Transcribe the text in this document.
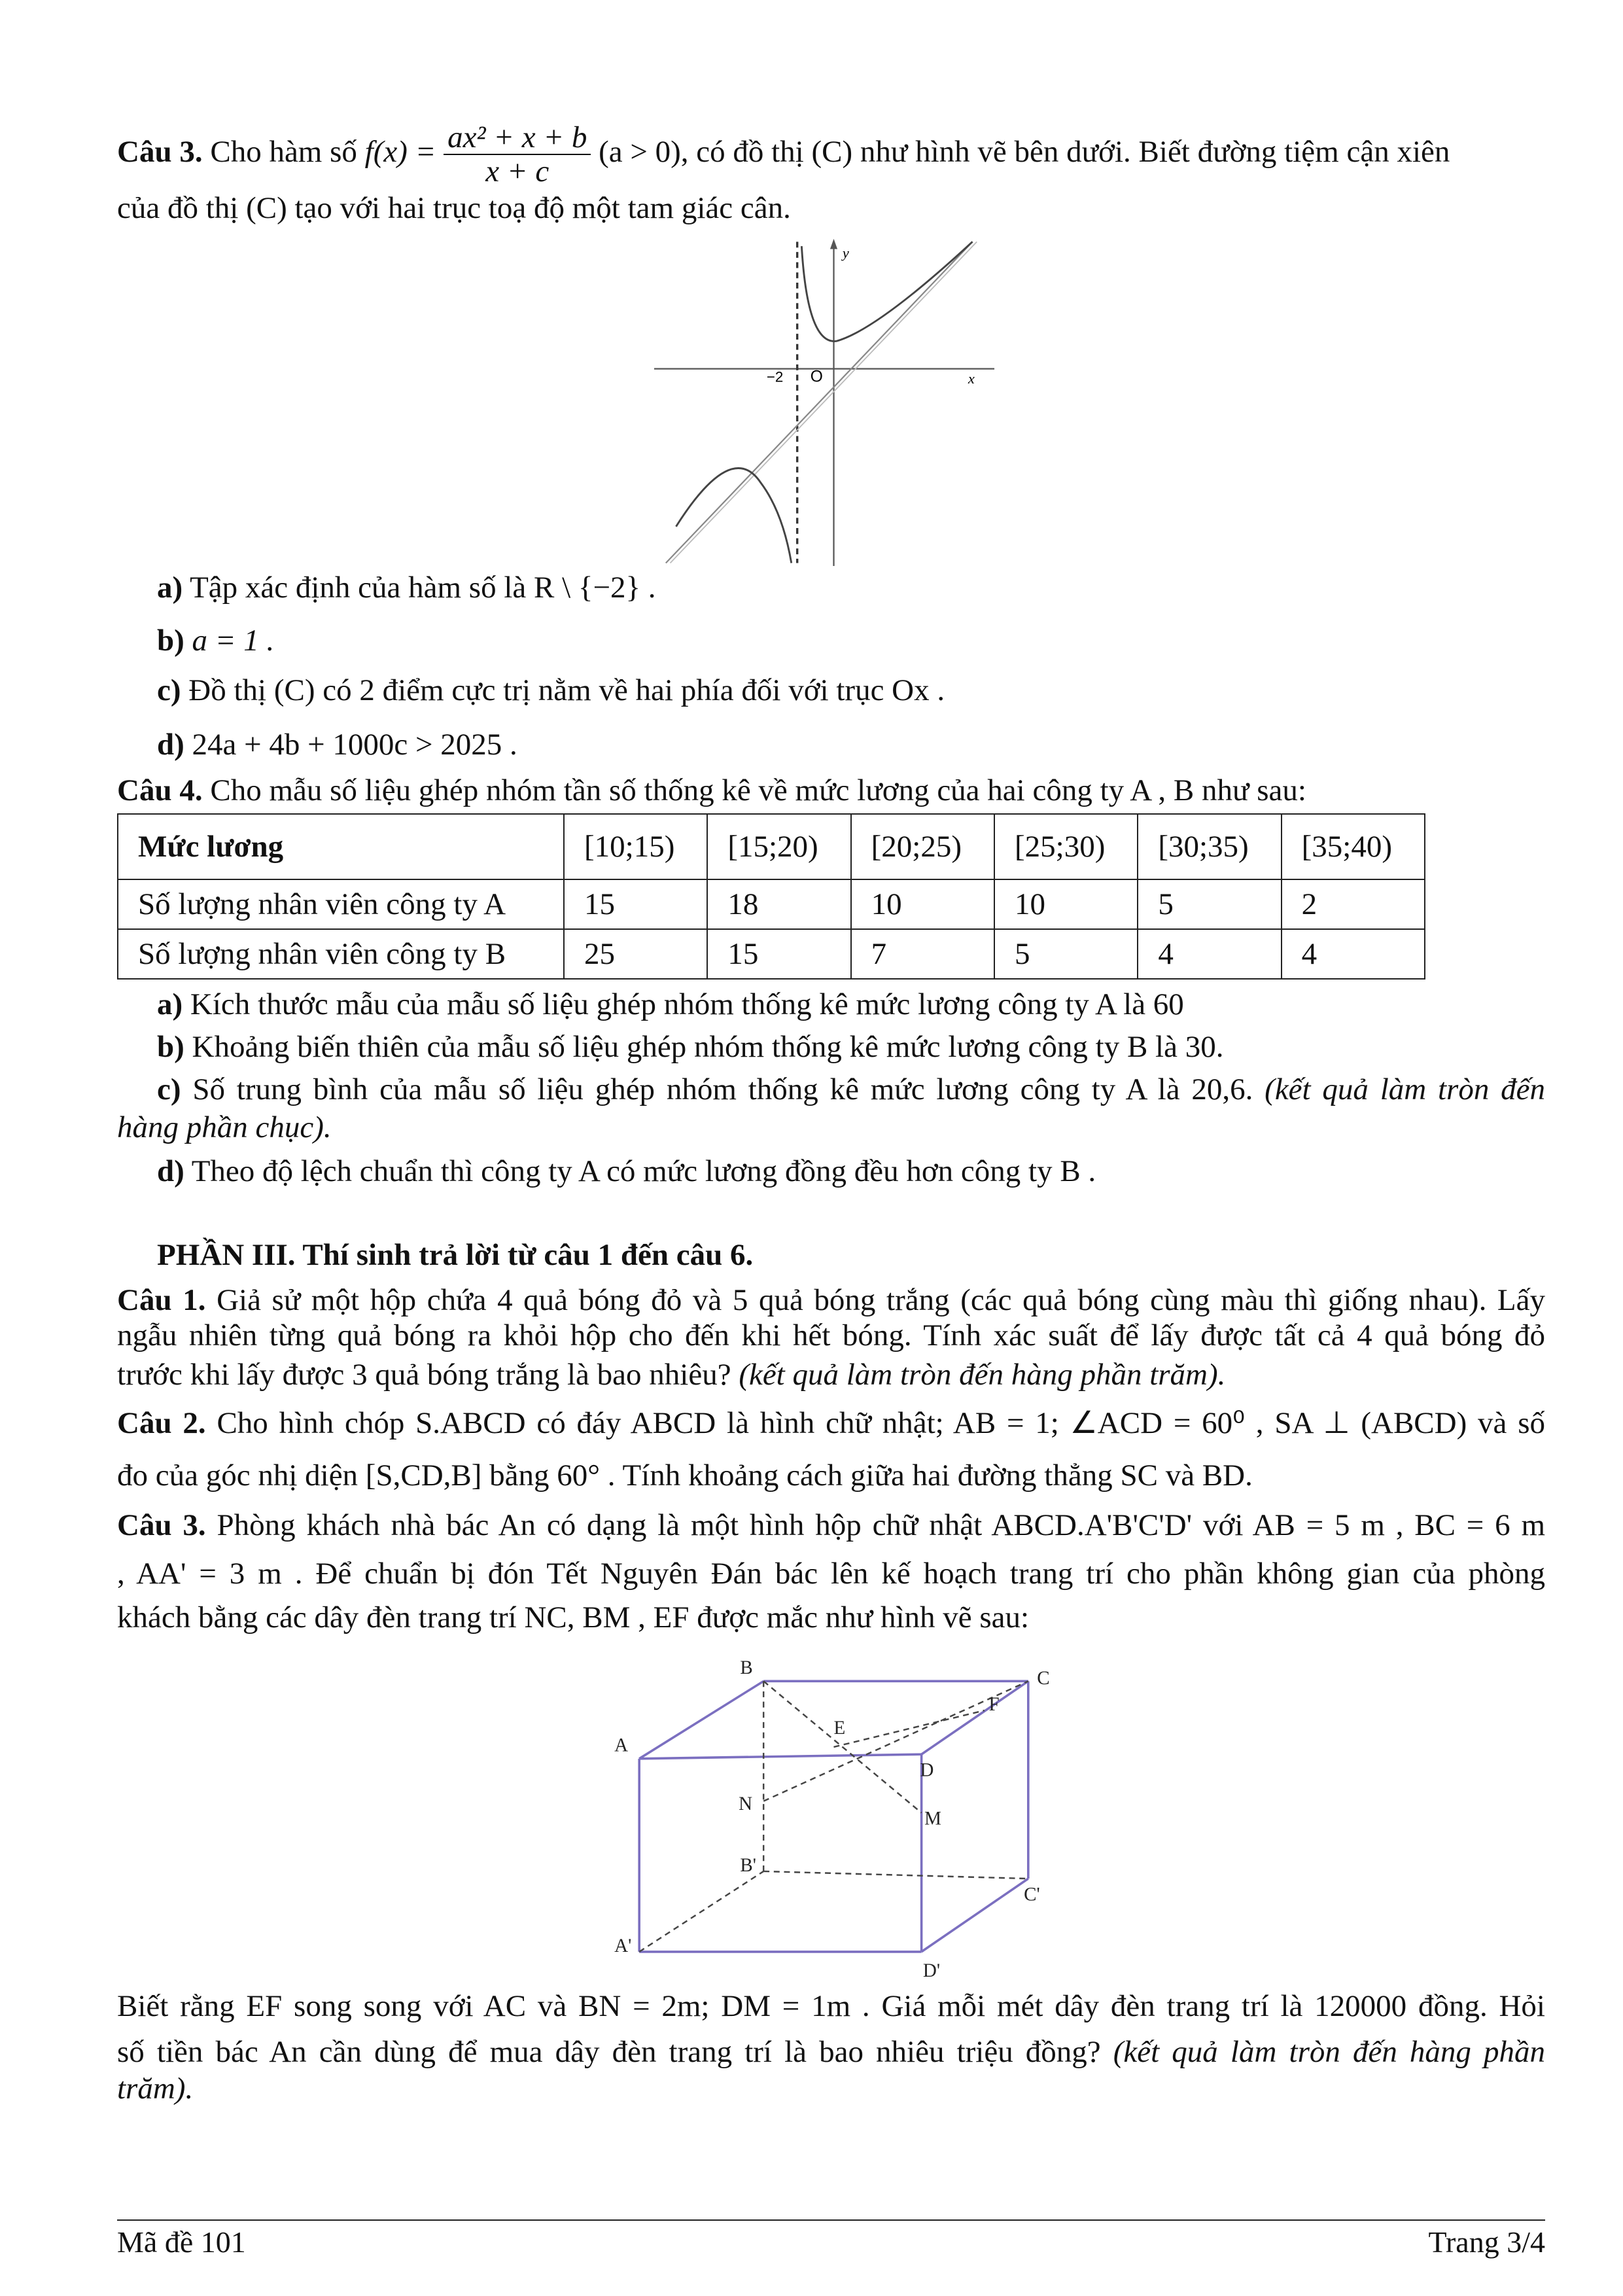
Câu 3. Cho hàm số $f(x) = \frac{\text{ax² + x + b}}{x + c} (a > 0)$, có đồ thị (C) như hình vẽ bên dưới. Biết đường tiệm cận xiên
của đồ thị (C) tạo với hai trục toạ độ một tam giác cân.
y
x
O
−2
a) Tập xác định của hàm số là R \ {−2} .
b) a = 1 .
c) Đồ thị (C) có 2 điểm cực trị nằm về hai phía đối với trục Ox .
d) 24a + 4b + 1000c > 2025 .
Câu 4. Cho mẫu số liệu ghép nhóm tần số thống kê về mức lương của hai công ty A , B như sau:
Mức lương	[10;15)	[15;20)	[20;25)	[25;30)	[30;35)	[35;40)
Số lượng nhân viên công ty A	15	18	10	10	5	2
Số lượng nhân viên công ty B	25	15	7	5	4	4
a) Kích thước mẫu của mẫu số liệu ghép nhóm thống kê mức lương công ty A là 60
b) Khoảng biến thiên của mẫu số liệu ghép nhóm thống kê mức lương công ty B là 30.
c) Số trung bình của mẫu số liệu ghép nhóm thống kê mức lương công ty A là 20,6. (kết quả làm tròn đến
hàng phần chục).
d) Theo độ lệch chuẩn thì công ty A có mức lương đồng đều hơn công ty B .
PHẦN III. Thí sinh trả lời từ câu 1 đến câu 6.
Câu 1. Giả sử một hộp chứa 4 quả bóng đỏ và 5 quả bóng trắng (các quả bóng cùng màu thì giống nhau). Lấy
ngẫu nhiên từng quả bóng ra khỏi hộp cho đến khi hết bóng. Tính xác suất để lấy được tất cả 4 quả bóng đỏ
trước khi lấy được 3 quả bóng trắng là bao nhiêu? (kết quả làm tròn đến hàng phần trăm).
Câu 2. Cho hình chóp S.ABCD có đáy ABCD là hình chữ nhật; AB = 1; ∠ACD = 60⁰ , SA ⊥ (ABCD) và số
đo của góc nhị diện [S,CD,B] bằng 60° . Tính khoảng cách giữa hai đường thẳng SC và BD.
Câu 3. Phòng khách nhà bác An có dạng là một hình hộp chữ nhật ABCD.A'B'C'D' với AB = 5 m , BC = 6 m
, AA' = 3 m . Để chuẩn bị đón Tết Nguyên Đán bác lên kế hoạch trang trí cho phần không gian của phòng
khách bằng các dây đèn trang trí NC, BM , EF được mắc như hình vẽ sau:
B	C
A
D
E
F
N
M
B'
C'
A'
D'
Biết rằng EF song song với AC và BN = 2m; DM = 1m . Giá mỗi mét dây đèn trang trí là 120000 đồng. Hỏi
số tiền bác An cần dùng để mua dây đèn trang trí là bao nhiêu triệu đồng? (kết quả làm tròn đến hàng phần
trăm).
Mã đề 101	Trang 3/4
